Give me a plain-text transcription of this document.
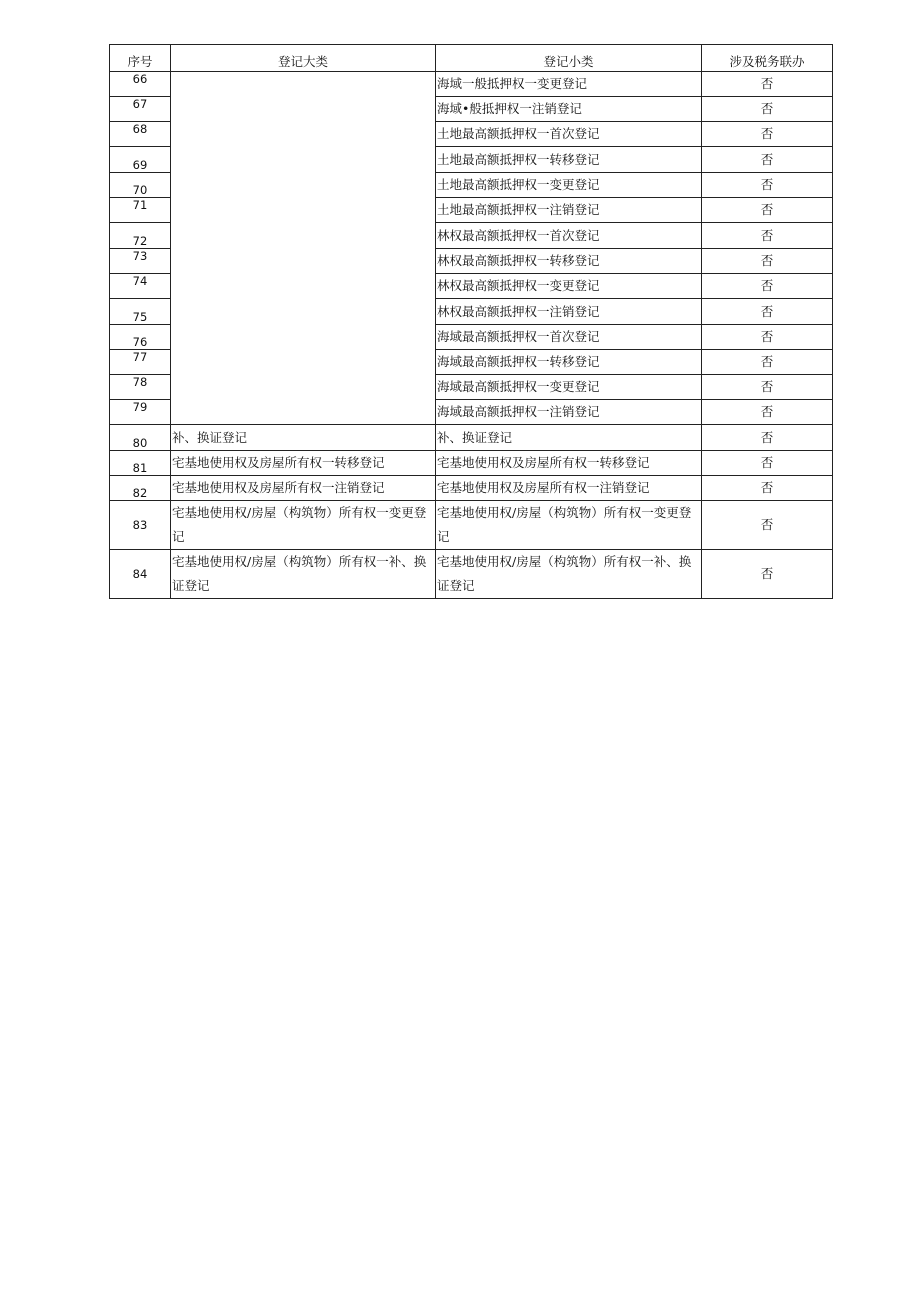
序号	登记大类	登记小类	涉及税务联办
66		海域一般抵押权一变更登记	否
67		海域•般抵押权一注销登记	否
68		土地最高额抵押权一首次登记	否
69		土地最高额抵押权一转移登记	否
70		土地最高额抵押权一变更登记	否
71		土地最高额抵押权一注销登记	否
72		林权最高额抵押权一首次登记	否
73		林权最高额抵押权一转移登记	否
74		林权最高额抵押权一变更登记	否
75		林权最高额抵押权一注销登记	否
76		海域最高额抵押权一首次登记	否
77		海域最高额抵押权一转移登记	否
78		海域最高额抵押权一变更登记	否
79		海域最高额抵押权一注销登记	否
80	补、换证登记	补、换证登记	否
81	宅基地使用权及房屋所有权一转移登记	宅基地使用权及房屋所有权一转移登记	否
82	宅基地使用权及房屋所有权一注销登记	宅基地使用权及房屋所有权一注销登记	否
83	宅基地使用权/房屋（构筑物）所有权一变更登记	宅基地使用权/房屋（构筑物）所有权一变更登记	否
84	宅基地使用权/房屋（构筑物）所有权一补、换证登记	宅基地使用权/房屋（构筑物）所有权一补、换证登记	否
